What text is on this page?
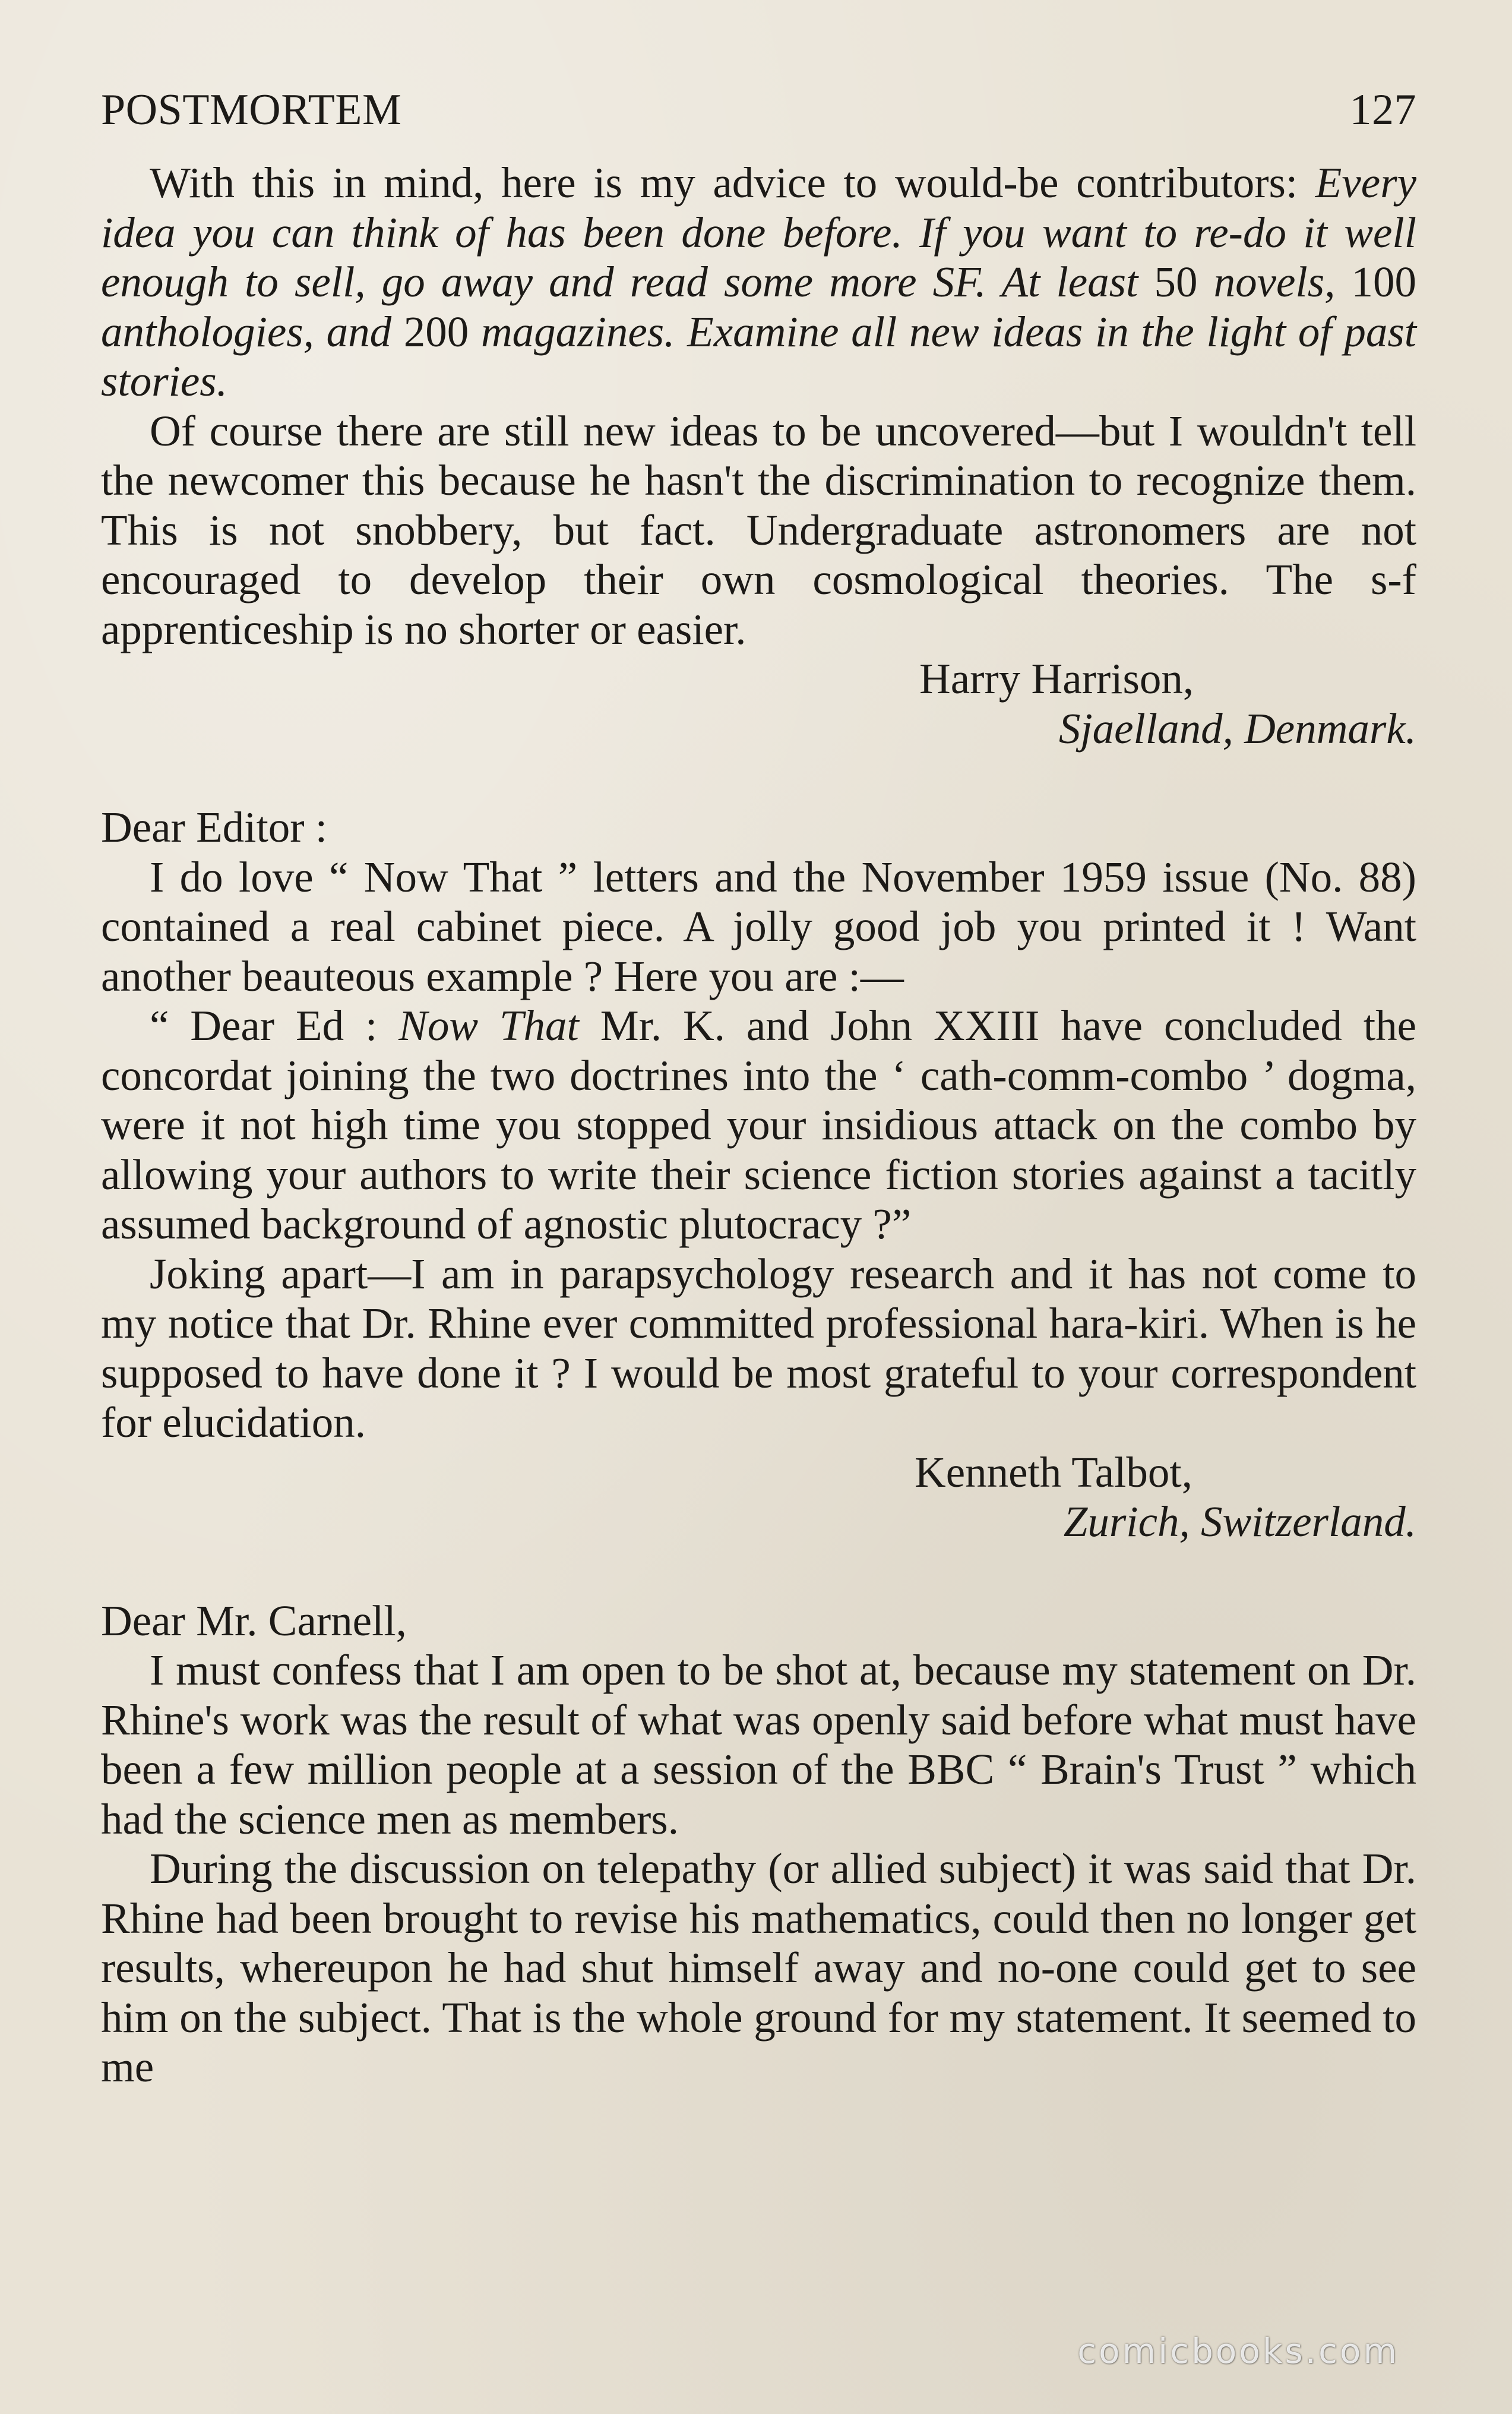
POSTMORTEM	127

With this in mind, here is my advice to would-be contributors: Every idea you can think of has been done before. If you want to re-do it well enough to sell, go away and read some more SF. At least 50 novels, 100 anthologies, and 200 magazines. Examine all new ideas in the light of past stories.

Of course there are still new ideas to be uncovered—but I wouldn't tell the newcomer this because he hasn't the discrimination to recognize them. This is not snobbery, but fact. Undergraduate astronomers are not encouraged to develop their own cosmological theories. The s-f apprenticeship is no shorter or easier.

Harry Harrison,
Sjaelland, Denmark.

Dear Editor :

I do love “ Now That ” letters and the November 1959 issue (No. 88) contained a real cabinet piece. A jolly good job you printed it ! Want another beauteous example ? Here you are :—

“ Dear Ed : Now That Mr. K. and John XXIII have concluded the concordat joining the two doctrines into the ‘ cath-comm-combo ’ dogma, were it not high time you stopped your insidious attack on the combo by allowing your authors to write their science fiction stories against a tacitly assumed background of agnostic plutocracy ?”

Joking apart—I am in parapsychology research and it has not come to my notice that Dr. Rhine ever committed professional hara-kiri. When is he supposed to have done it ? I would be most grateful to your correspondent for elucidation.

Kenneth Talbot,
Zurich, Switzerland.

Dear Mr. Carnell,

I must confess that I am open to be shot at, because my statement on Dr. Rhine's work was the result of what was openly said before what must have been a few million people at a session of the BBC “ Brain's Trust ” which had the science men as members.

During the discussion on telepathy (or allied subject) it was said that Dr. Rhine had been brought to revise his mathematics, could then no longer get results, whereupon he had shut himself away and no-one could get to see him on the subject. That is the whole ground for my statement. It seemed to me

comicbooks.com
